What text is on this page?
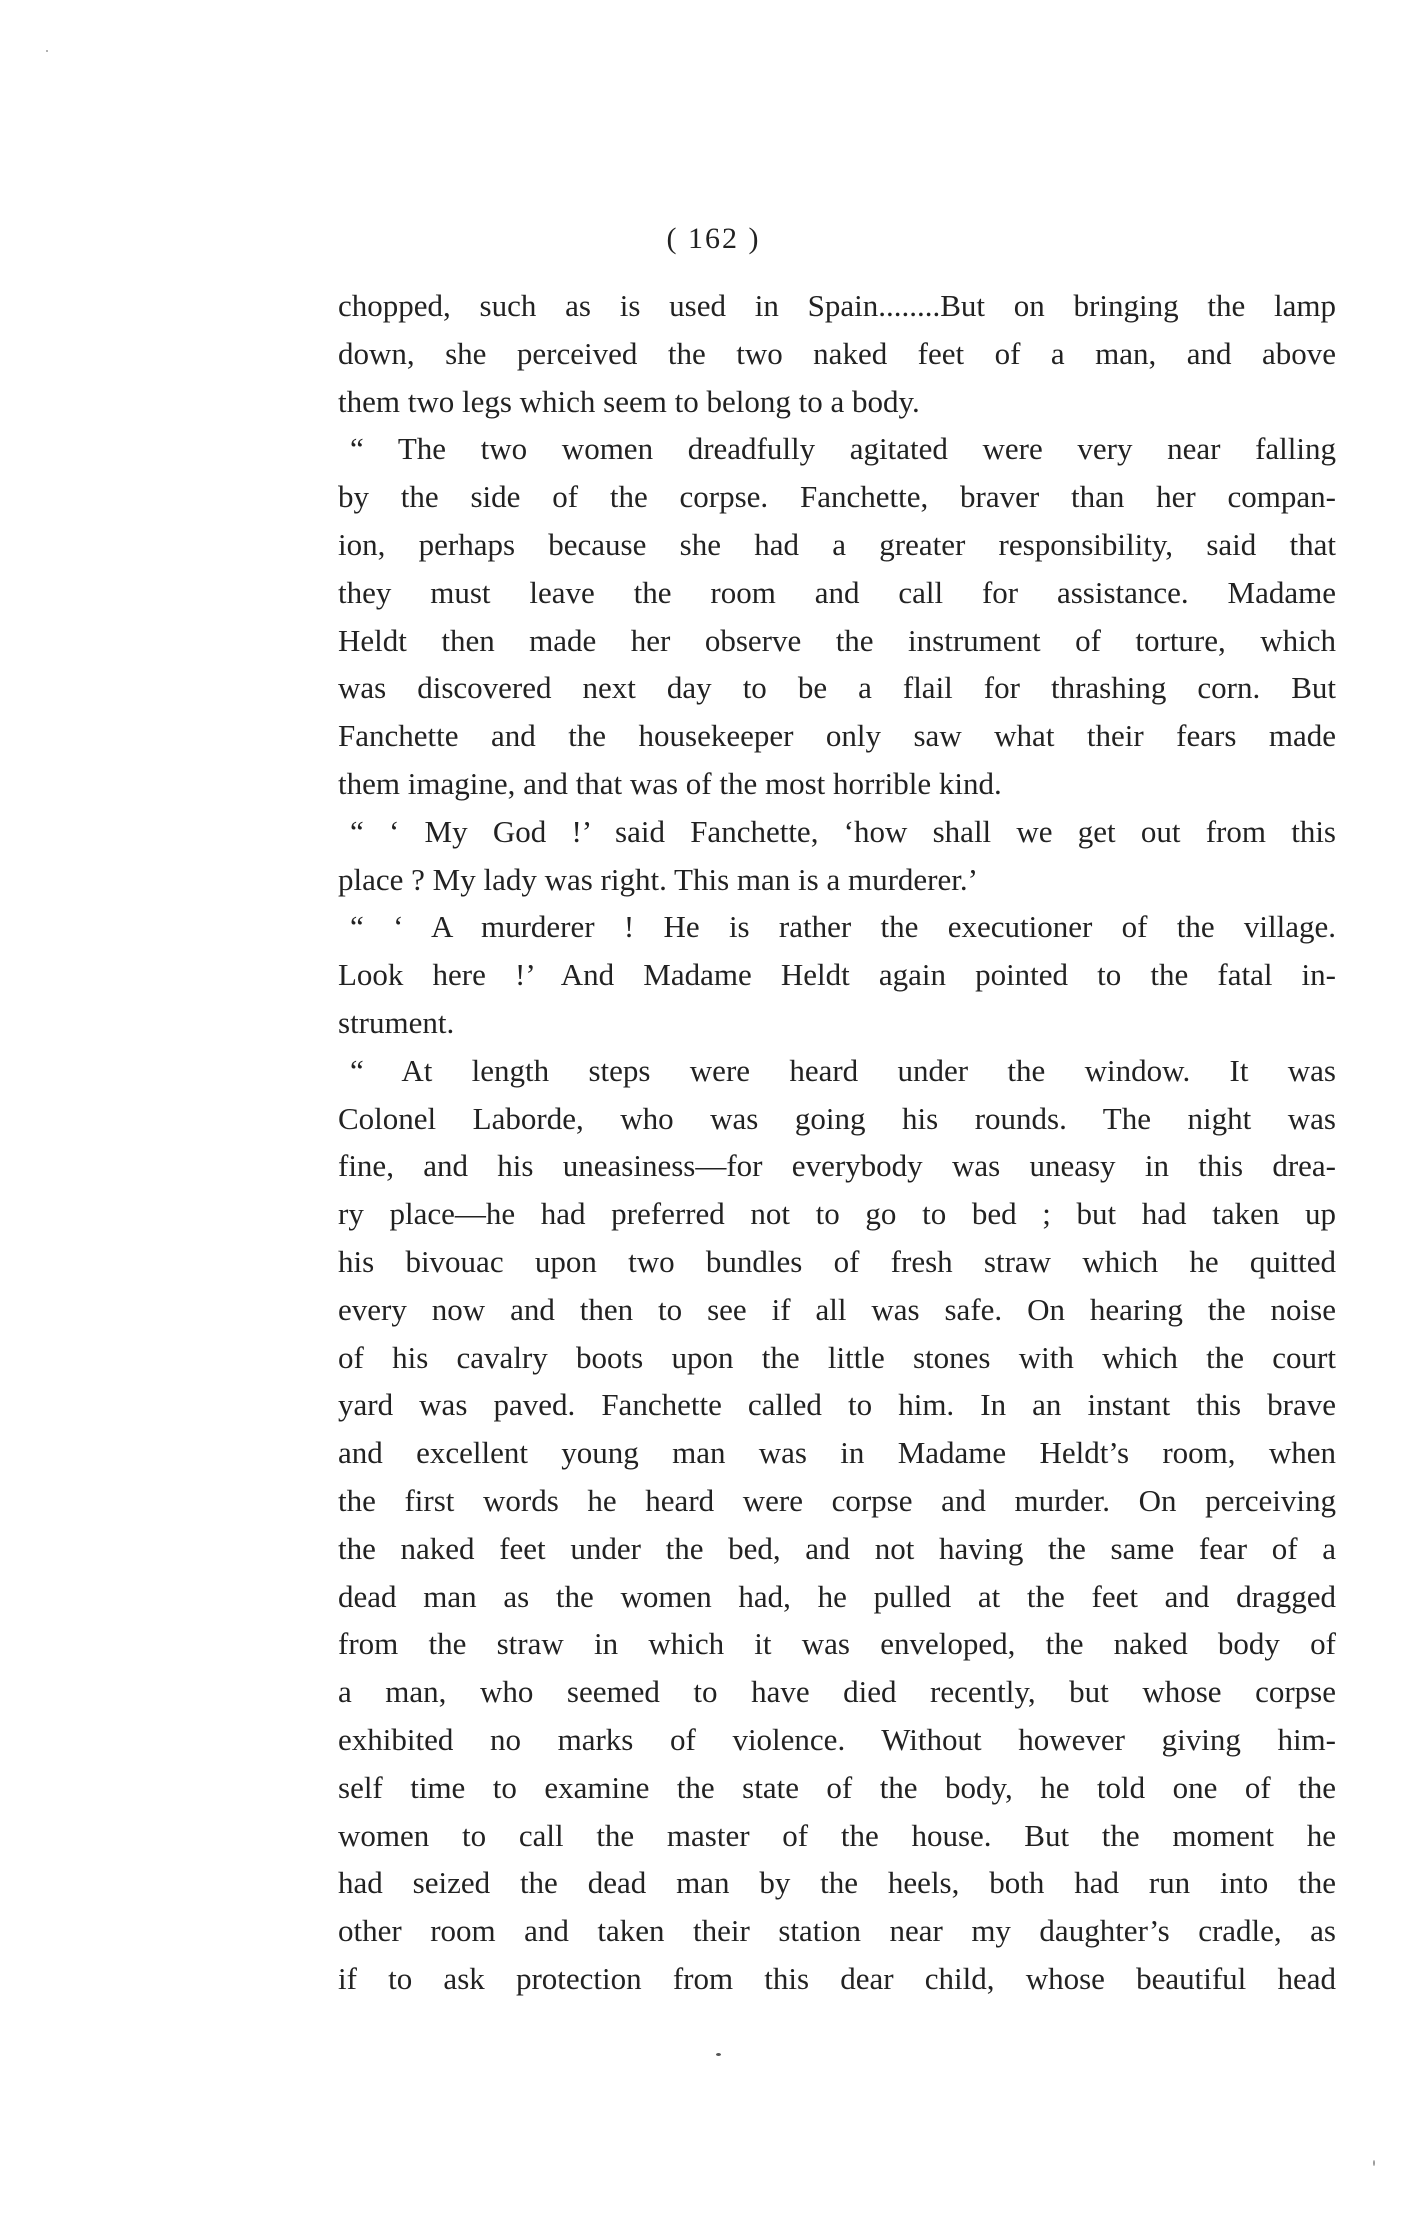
( 162 )
chopped, such as is used in Spain........But on bringing the lamp
down, she perceived the two naked feet of a man, and above
them two legs which seem to belong to a body.
“ The two women dreadfully agitated were very near falling
by the side of the corpse. Fanchette, braver than her compan-
ion, perhaps because she had a greater responsibility, said that
they must leave the room and call for assistance. Madame
Heldt then made her observe the instrument of torture, which
was discovered next day to be a flail for thrashing corn. But
Fanchette and the housekeeper only saw what their fears made
them imagine, and that was of the most horrible kind.
“ ‘ My God !’ said Fanchette, ‘how shall we get out from this
place ? My lady was right. This man is a murderer.’
“ ‘ A murderer ! He is rather the executioner of the village.
Look here !’ And Madame Heldt again pointed to the fatal in-
strument.
“ At length steps were heard under the window. It was
Colonel Laborde, who was going his rounds. The night was
fine, and his uneasiness—for everybody was uneasy in this drea-
ry place—he had preferred not to go to bed ; but had taken up
his bivouac upon two bundles of fresh straw which he quitted
every now and then to see if all was safe. On hearing the noise
of his cavalry boots upon the little stones with which the court
yard was paved. Fanchette called to him. In an instant this brave
and excellent young man was in Madame Heldt’s room, when
the first words he heard were corpse and murder. On perceiving
the naked feet under the bed, and not having the same fear of a
dead man as the women had, he pulled at the feet and dragged
from the straw in which it was enveloped, the naked body of
a man, who seemed to have died recently, but whose corpse
exhibited no marks of violence. Without however giving him-
self time to examine the state of the body, he told one of the
women to call the master of the house. But the moment he
had seized the dead man by the heels, both had run into the
other room and taken their station near my daughter’s cradle, as
if to ask protection from this dear child, whose beautiful head
